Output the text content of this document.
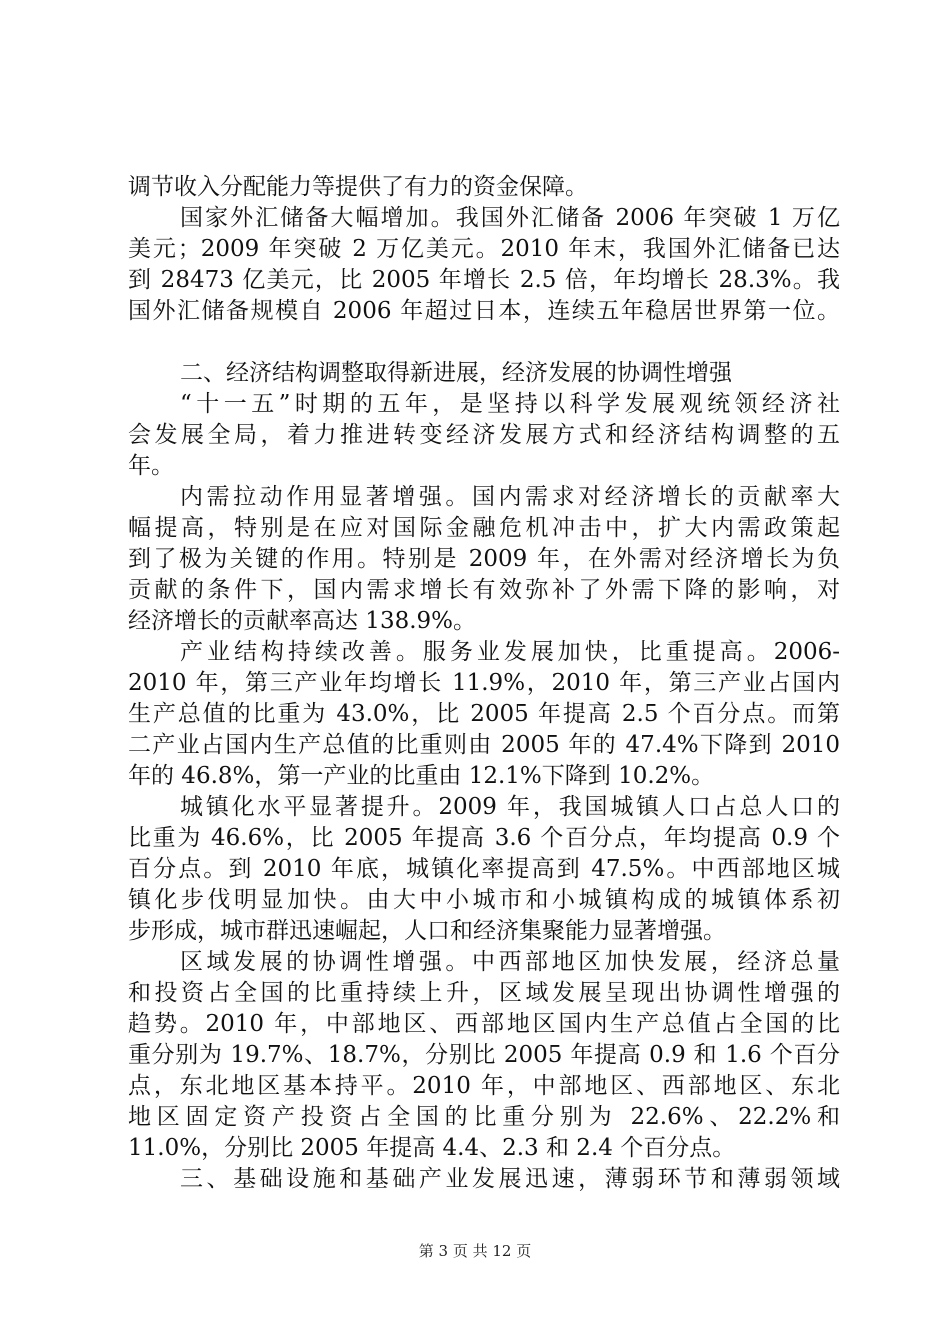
调节收入分配能力等提供了有力的资金保障。
国家外汇储备大幅增加。我国外汇储备 2006 年突破 1 万亿
美元；2009 年突破 2 万亿美元。2010 年末，我国外汇储备已达
到 28473 亿美元，比 2005 年增长 2.5 倍，年均增长 28.3%。我
国外汇储备规模自 2006 年超过日本，连续五年稳居世界第一位。
二、经济结构调整取得新进展，经济发展的协调性增强
“十一五”时期的五年，是坚持以科学发展观统领经济社
会发展全局，着力推进转变经济发展方式和经济结构调整的五
年。
内需拉动作用显著增强。国内需求对经济增长的贡献率大
幅提高，特别是在应对国际金融危机冲击中，扩大内需政策起
到了极为关键的作用。特别是 2009 年，在外需对经济增长为负
贡献的条件下，国内需求增长有效弥补了外需下降的影响，对
经济增长的贡献率高达 138.9%。
产业结构持续改善。服务业发展加快，比重提高。2006-
2010 年，第三产业年均增长 11.9%，2010 年，第三产业占国内
生产总值的比重为 43.0%，比 2005 年提高 2.5 个百分点。而第
二产业占国内生产总值的比重则由 2005 年的 47.4%下降到 2010
年的 46.8%，第一产业的比重由 12.1%下降到 10.2%。
城镇化水平显著提升。2009 年，我国城镇人口占总人口的
比重为 46.6%，比 2005 年提高 3.6 个百分点，年均提高 0.9 个
百分点。到 2010 年底，城镇化率提高到 47.5%。中西部地区城
镇化步伐明显加快。由大中小城市和小城镇构成的城镇体系初
步形成，城市群迅速崛起，人口和经济集聚能力显著增强。
区域发展的协调性增强。中西部地区加快发展，经济总量
和投资占全国的比重持续上升，区域发展呈现出协调性增强的
趋势。2010 年，中部地区、西部地区国内生产总值占全国的比
重分别为 19.7%、18.7%，分别比 2005 年提高 0.9 和 1.6 个百分
点，东北地区基本持平。2010 年，中部地区、西部地区、东北
地区固定资产投资占全国的比重分别为 22.6%、22.2%和
11.0%，分别比 2005 年提高 4.4、2.3 和 2.4 个百分点。
三、基础设施和基础产业发展迅速，薄弱环节和薄弱领域
第 3 页 共 12 页
